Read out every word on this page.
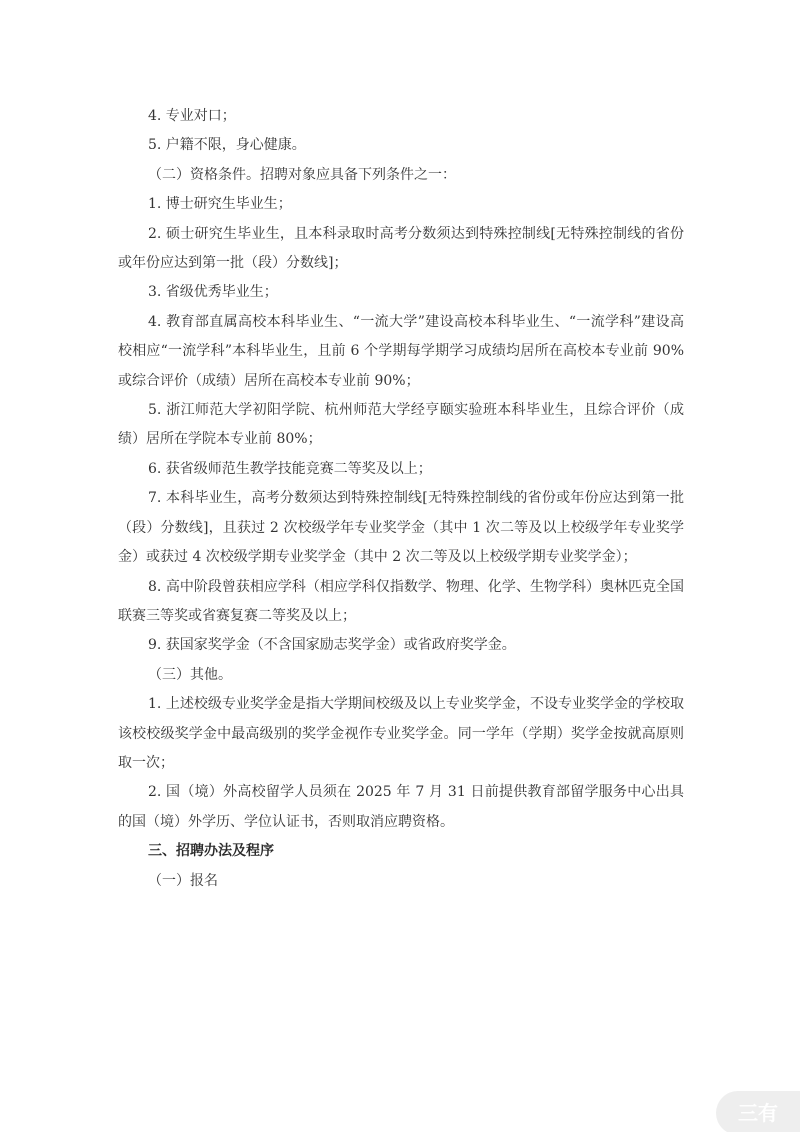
4. 专业对口；

5. 户籍不限，身心健康。

（二）资格条件。招聘对象应具备下列条件之一：

1. 博士研究生毕业生；

2. 硕士研究生毕业生，且本科录取时高考分数须达到特殊控制线[无特殊控制线的省份或年份应达到第一批（段）分数线]；

3. 省级优秀毕业生；

4. 教育部直属高校本科毕业生、“一流大学”建设高校本科毕业生、“一流学科”建设高校相应“一流学科”本科毕业生，且前 6 个学期每学期学习成绩均居所在高校本专业前 90%或综合评价（成绩）居所在高校本专业前 90%；

5. 浙江师范大学初阳学院、杭州师范大学经亨颐实验班本科毕业生，且综合评价（成绩）居所在学院本专业前 80%；

6. 获省级师范生教学技能竞赛二等奖及以上；

7. 本科毕业生，高考分数须达到特殊控制线[无特殊控制线的省份或年份应达到第一批（段）分数线]，且获过 2 次校级学年专业奖学金（其中 1 次二等及以上校级学年专业奖学金）或获过 4 次校级学期专业奖学金（其中 2 次二等及以上校级学期专业奖学金）；

8. 高中阶段曾获相应学科（相应学科仅指数学、物理、化学、生物学科）奥林匹克全国联赛三等奖或省赛复赛二等奖及以上；

9. 获国家奖学金（不含国家励志奖学金）或省政府奖学金。

（三）其他。

1. 上述校级专业奖学金是指大学期间校级及以上专业奖学金，不设专业奖学金的学校取该校校级奖学金中最高级别的奖学金视作专业奖学金。同一学年（学期）奖学金按就高原则取一次；

2. 国（境）外高校留学人员须在 2025 年 7 月 31 日前提供教育部留学服务中心出具的国（境）外学历、学位认证书，否则取消应聘资格。

三、招聘办法及程序

（一）报名

三有
